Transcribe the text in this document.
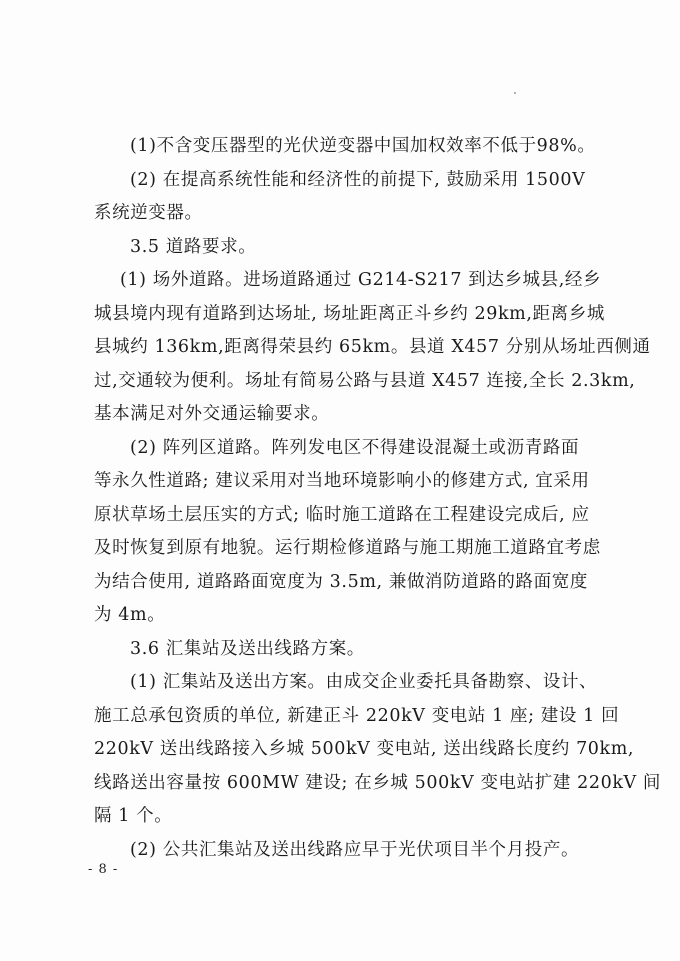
(1)不含变压器型的光伏逆变器中国加权效率不低于98%。
(2) 在提高系统性能和经济性的前提下, 鼓励采用 1500V
系统逆变器。
3.5 道路要求。
(1) 场外道路。进场道路通过 G214-S217 到达乡城县,经乡
城县境内现有道路到达场址, 场址距离正斗乡约 29km,距离乡城
县城约 136km,距离得荣县约 65km。县道 X457 分别从场址西侧通
过,交通较为便利。场址有简易公路与县道 X457 连接,全长 2.3km,
基本满足对外交通运输要求。
(2) 阵列区道路。阵列发电区不得建设混凝土或沥青路面
等永久性道路; 建议采用对当地环境影响小的修建方式, 宜采用
原状草场土层压实的方式; 临时施工道路在工程建设完成后, 应
及时恢复到原有地貌。运行期检修道路与施工期施工道路宜考虑
为结合使用, 道路路面宽度为 3.5m, 兼做消防道路的路面宽度
为 4m。
3.6 汇集站及送出线路方案。
(1) 汇集站及送出方案。由成交企业委托具备勘察、设计、
施工总承包资质的单位, 新建正斗 220kV 变电站 1 座; 建设 1 回
220kV 送出线路接入乡城 500kV 变电站, 送出线路长度约 70km,
线路送出容量按 600MW 建设; 在乡城 500kV 变电站扩建 220kV 间
隔 1 个。
(2) 公共汇集站及送出线路应早于光伏项目半个月投产。
- 8 -
